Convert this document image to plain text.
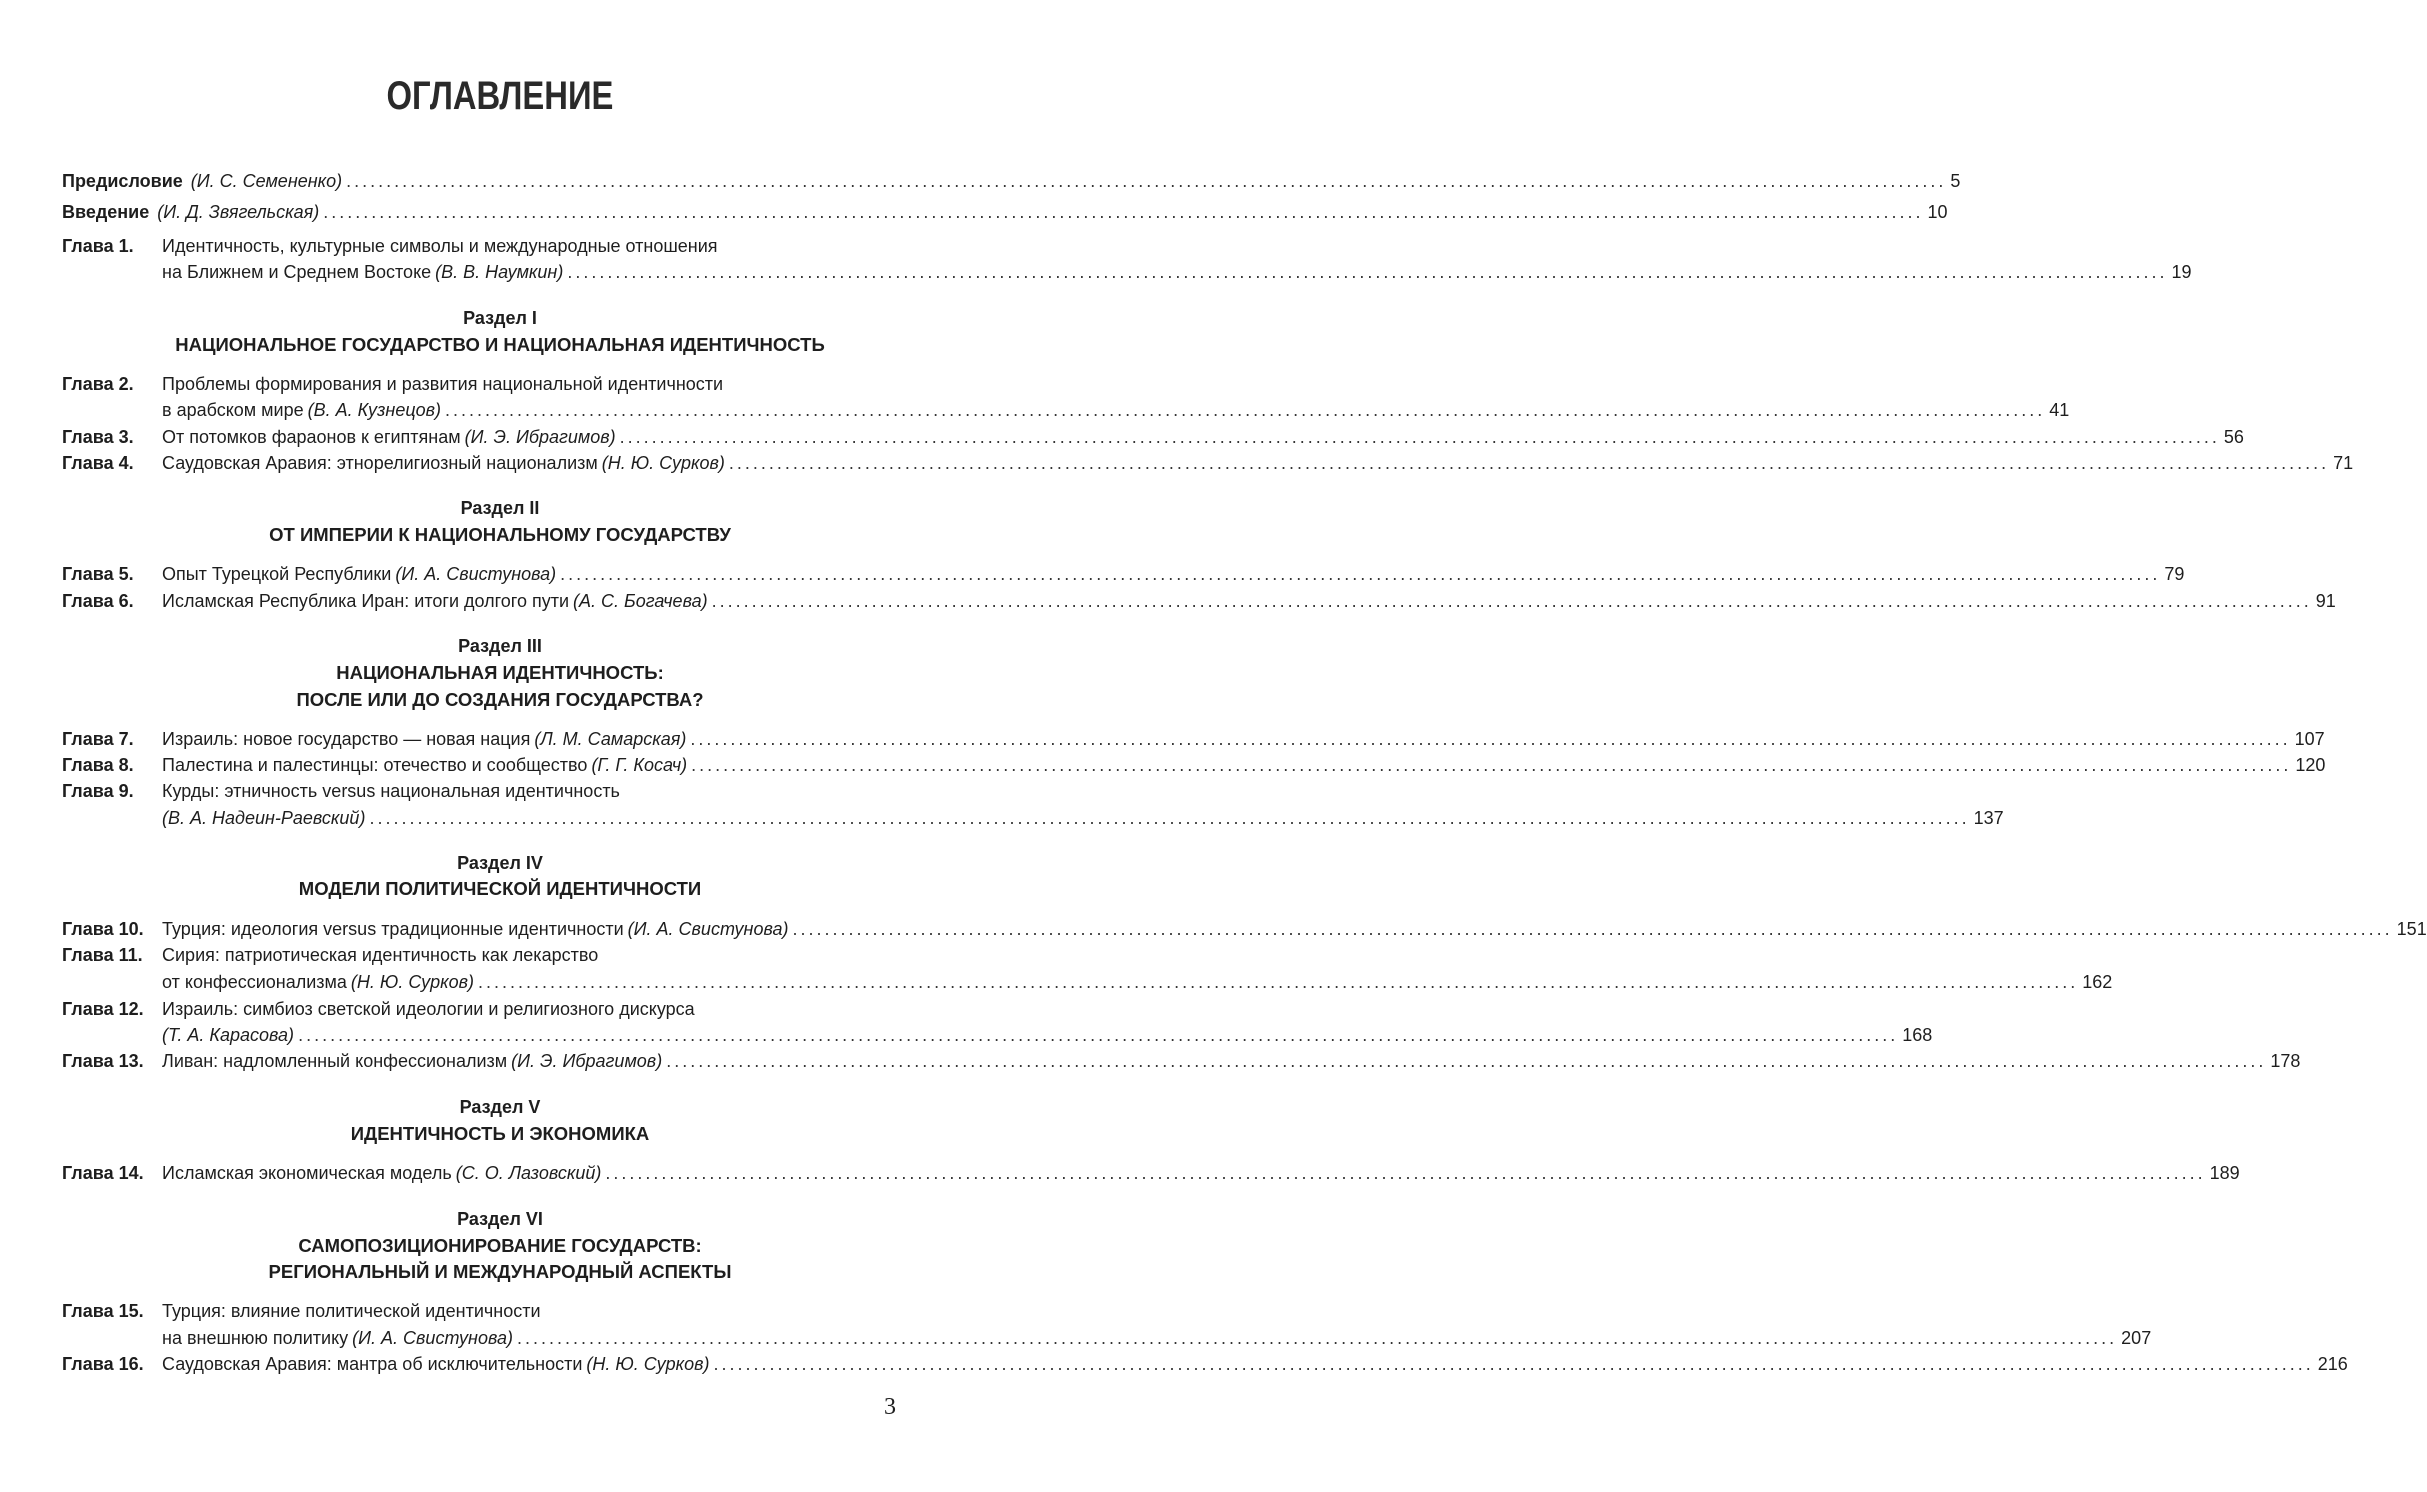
ОГЛАВЛЕНИЕ
Предисловие (И. С. Семененко) ........................................................................................................................................................................................................ 5
Введение (И. Д. Звягельская) ........................................................................................................................................................................................................ 10
Глава 1.	Идентичность, культурные символы и международные отношения
на Ближнем и Среднем Востоке (В. В. Наумкин) ........................................................................................................................................................................................................ 19
Раздел I
НАЦИОНАЛЬНОЕ ГОСУДАРСТВО И НАЦИОНАЛЬНАЯ ИДЕНТИЧНОСТЬ
Глава 2.	Проблемы формирования и развития национальной идентичности
в арабском мире (В. А. Кузнецов) ........................................................................................................................................................................................................ 41
Глава 3.	От потомков фараонов к египтянам (И. Э. Ибрагимов) ........................................................................................................................................................................................................ 56
Глава 4.	Саудовская Аравия: этнорелигиозный национализм (Н. Ю. Сурков) ........................................................................................................................................................................................................ 71
Раздел II
ОТ ИМПЕРИИ К НАЦИОНАЛЬНОМУ ГОСУДАРСТВУ
Глава 5.	Опыт Турецкой Республики (И. А. Свистунова) ........................................................................................................................................................................................................ 79
Глава 6.	Исламская Республика Иран: итоги долгого пути (А. С. Богачева) ........................................................................................................................................................................................................ 91
Раздел III
НАЦИОНАЛЬНАЯ ИДЕНТИЧНОСТЬ:
ПОСЛЕ ИЛИ ДО СОЗДАНИЯ ГОСУДАРСТВА?
Глава 7.	Израиль: новое государство — новая нация (Л. М. Самарская) ........................................................................................................................................................................................................ 107
Глава 8.	Палестина и палестинцы: отечество и сообщество (Г. Г. Косач) ........................................................................................................................................................................................................ 120
Глава 9.	Курды: этничность versus национальная идентичность
(В. А. Надеин-Раевский) ........................................................................................................................................................................................................ 137
Раздел IV
МОДЕЛИ ПОЛИТИЧЕСКОЙ ИДЕНТИЧНОСТИ
Глава 10.	Турция: идеология versus традиционные идентичности (И. А. Свистунова) ........................................................................................................................................................................................................ 151
Глава 11.	Сирия: патриотическая идентичность как лекарство
от конфессионализма (Н. Ю. Сурков) ........................................................................................................................................................................................................ 162
Глава 12.	Израиль: симбиоз светской идеологии и религиозного дискурса
(Т. А. Карасова) ........................................................................................................................................................................................................ 168
Глава 13.	Ливан: надломленный конфессионализм (И. Э. Ибрагимов) ........................................................................................................................................................................................................ 178
Раздел V
ИДЕНТИЧНОСТЬ И ЭКОНОМИКА
Глава 14.	Исламская экономическая модель (С. О. Лазовский) ........................................................................................................................................................................................................ 189
Раздел VI
САМОПОЗИЦИОНИРОВАНИЕ ГОСУДАРСТВ:
РЕГИОНАЛЬНЫЙ И МЕЖДУНАРОДНЫЙ АСПЕКТЫ
Глава 15.	Турция: влияние политической идентичности
на внешнюю политику (И. А. Свистунова) ........................................................................................................................................................................................................ 207
Глава 16.	Саудовская Аравия: мантра об исключительности (Н. Ю. Сурков) ........................................................................................................................................................................................................ 216
3
